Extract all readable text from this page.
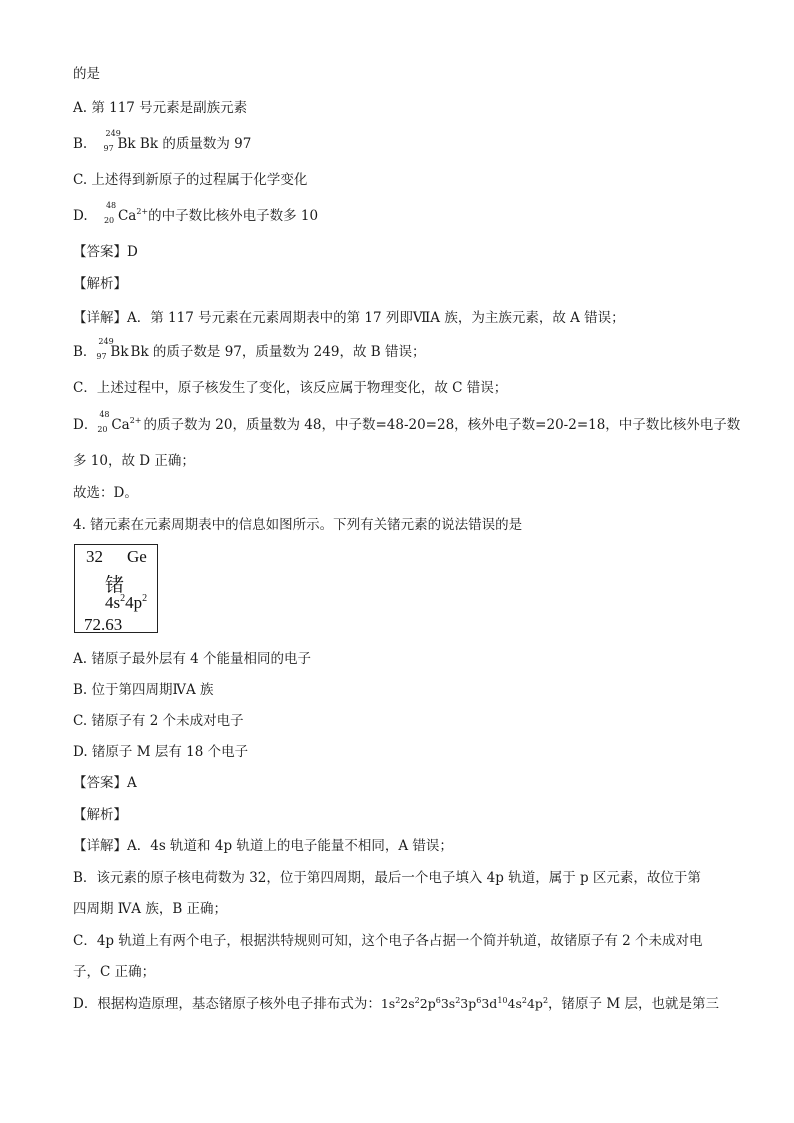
的是
A. 第 117 号元素是副族元素
B.
249
97 Bk Bk 的质量数为 97
C. 上述得到新原子的过程属于化学变化
D.
48
20 $Ca^{2+}$的中子数比核外电子数多 10
【答案】D
【解析】
【详解】A．第 117 号元素在元素周期表中的第 17 列即ⅦA 族，为主族元素，故 A 错误；
B．
249
97 Bk Bk 的质子数是 97，质量数为 249，故 B 错误；
C．上述过程中，原子核发生了变化，该反应属于物理变化，故 C 错误；
D．
48
20 $Ca^{2+}$ 的质子数为 20，质量数为 48，中子数=48-20=28，核外电子数=20-2=18，中子数比核外电子数
多 10，故 D 正确；
故选：D。
4. 锗元素在元素周期表中的信息如图所示。下列有关锗元素的说法错误的是
32 Ge
锗
$4s^24p^2$
72.63
A. 锗原子最外层有 4 个能量相同的电子
B. 位于第四周期ⅣA 族
C. 锗原子有 2 个未成对电子
D. 锗原子 M 层有 18 个电子
【答案】A
【解析】
【详解】A．4s 轨道和 4p 轨道上的电子能量不相同，A 错误；
B．该元素的原子核电荷数为 32，位于第四周期，最后一个电子填入 4p 轨道，属于 p 区元素，故位于第
四周期 ⅣA 族，B 正确；
C．4p 轨道上有两个电子，根据洪特规则可知，这个电子各占据一个简并轨道，故锗原子有 2 个未成对电
子，C 正确；
D．根据构造原理，基态锗原子核外电子排布式为：$1s^22s^22p^63s^23p^63d^{10}4s^24p^2$，锗原子 M 层，也就是第三
